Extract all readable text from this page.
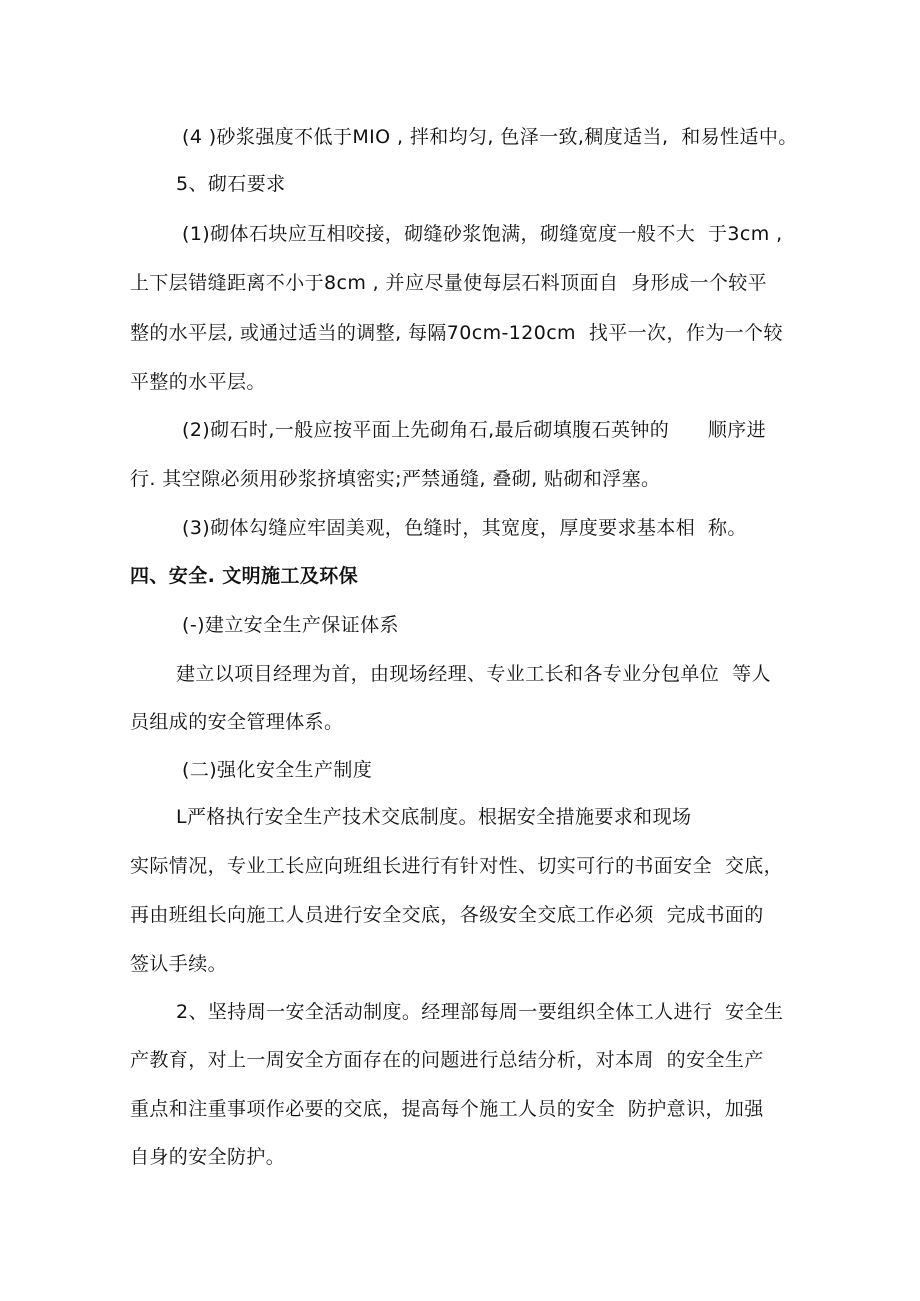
(4 )砂浆强度不低于MIO , 拌和均匀, 色泽一致,稠度适当,  和易性适中。
5、砌石要求
(1)砌体石块应互相咬接，砌缝砂浆饱满，砌缝宽度一般不大  于3cm ,
上下层错缝距离不小于8cm , 并应尽量使每层石料顶面自  身形成一个较平
整的水平层, 或通过适当的调整, 每隔70cm-120cm  找平一次，作为一个较
平整的水平层。
(2)砌石时,一般应按平面上先砌角石,最后砌填腹石英钟的      顺序进
行. 其空隙必须用砂浆挤填密实;严禁通缝, 叠砌, 贴砌和浮塞。
(3)砌体勾缝应牢固美观，色缝时，其宽度，厚度要求基本相  称。
四、安全. 文明施工及环保
(-)建立安全生产保证体系
建立以项目经理为首，由现场经理、专业工长和各专业分包单位  等人
员组成的安全管理体系。
(二)强化安全生产制度
L严格执行安全生产技术交底制度。根据安全措施要求和现场
实际情况，专业工长应向班组长进行有针对性、切实可行的书面安全  交底，
再由班组长向施工人员进行安全交底，各级安全交底工作必须  完成书面的
签认手续。
2、坚持周一安全活动制度。经理部每周一要组织全体工人进行  安全生
产教育，对上一周安全方面存在的问题进行总结分析，对本周  的安全生产
重点和注重事项作必要的交底，提高每个施工人员的安全  防护意识，加强
自身的安全防护。
